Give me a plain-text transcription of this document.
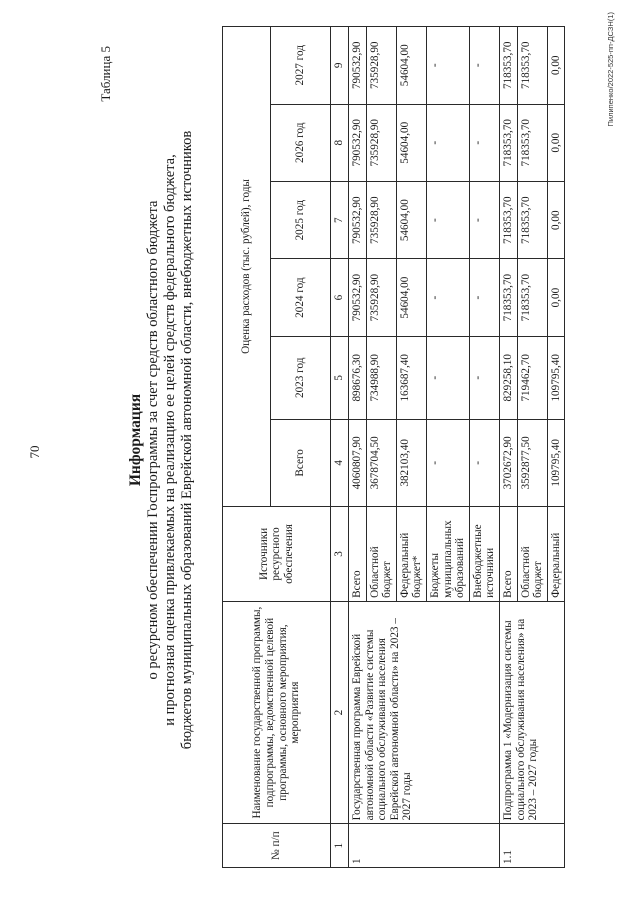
70
Таблица 5
Информация о ресурсном обеспечении Госпрограммы за счет средств областного бюджета и прогнозная оценка привлекаемых на реализацию ее целей средств федерального бюджета, бюджетов муниципальных образований Еврейской автономной области, внебюджетных источников
№ п/п	Наименование государственной программы, подпрограммы, ведомственной целевой программы, основного мероприятия, мероприятия	Источники ресурсного обеспечения	Оценка расходов (тыс. рублей), годы					
			Всего	2023 год	2024 год	2025 год	2026 год	2027 год
1	2	3	4	5	6	7	8	9
1	Государственная программа Еврейской автономной области «Развитие системы социального обслуживания населения Еврейской автономной области» на 2023 – 2027 годы	Всего	4060807,90	898676,30	790532,90	790532,90	790532,90	790532,90
		Областной бюджет	3678704,50	734988,90	735928,90	735928,90	735928,90	735928,90
		Федеральный бюджет*	382103,40	163687,40	54604,00	54604,00	54604,00	54604,00
		Бюджеты муниципальных образований	-	-	-	-	-	-
		Внебюджетные источники	-	-	-	-	-	-
1.1	Подпрограмма 1 «Модернизация системы социального обслуживания населения» на 2023 – 2027 годы	Всего	3702672,90	829258,10	718353,70	718353,70	718353,70	718353,70
		Областной бюджет	3592877,50	719462,70	718353,70	718353,70	718353,70	718353,70
		Федеральный	109795,40	109795,40	0,00	0,00	0,00	0,00	Пилипенко/2022-525-пп-ДСЗН(1)
